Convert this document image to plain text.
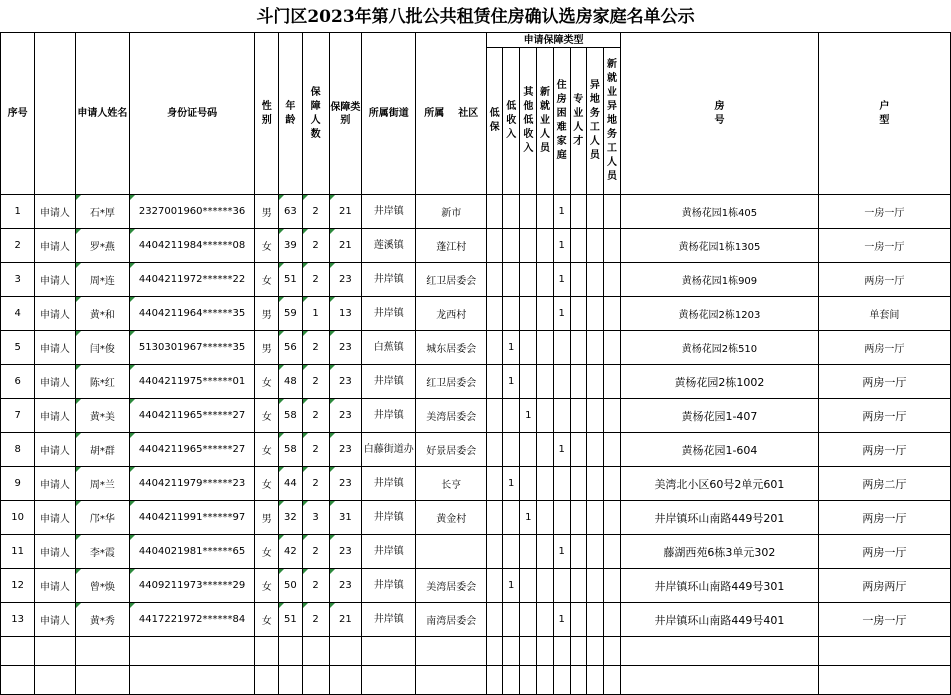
斗门区2023年第八批公共租赁住房确认选房家庭名单公示
序号		申请人姓名	身份证号码	性别	年龄	保障人数	保障类别	所属街道	所属    社区	申请保障类型								房号	户型
										低保	低收入	其他低收入	新就业人员	住房困难家庭	专业人才	异地务工人员	新就业异地务工人员		
1	申请人	石*厚	2327001960******36	男	63	2	21	井岸镇	新市					1				黄杨花园1栋405	一房一厅
2	申请人	罗*燕	4404211984******08	女	39	2	21	莲溪镇	蓬江村					1				黄杨花园1栋1305	一房一厅
3	申请人	周*连	4404211972******22	女	51	2	23	井岸镇	红卫居委会					1				黄杨花园1栋909	两房一厅
4	申请人	黄*和	4404211964******35	男	59	1	13	井岸镇	龙西村					1				黄杨花园2栋1203	单套间
5	申请人	闫*俊	5130301967******35	男	56	2	23	白蕉镇	城东居委会		1							黄杨花园2栋510	两房一厅
6	申请人	陈*红	4404211975******01	女	48	2	23	井岸镇	红卫居委会		1							黄杨花园2栋1002	两房一厅
7	申请人	黄*美	4404211965******27	女	58	2	23	井岸镇	美湾居委会			1						黄杨花园1-407	两房一厅
8	申请人	胡*群	4404211965******27	女	58	2	23	白藤街道办	好景居委会					1				黄杨花园1-604	两房一厅
9	申请人	周*兰	4404211979******23	女	44	2	23	井岸镇	长亨		1							美湾北小区60号2单元601	两房二厅
10	申请人	邝*华	4404211991******97	男	32	3	31	井岸镇	黄金村			1						井岸镇环山南路449号201	两房一厅
11	申请人	李*霞	4404021981******65	女	42	2	23	井岸镇						1				藤湖西苑6栋3单元302	两房一厅
12	申请人	曾*焕	4409211973******29	女	50	2	23	井岸镇	美湾居委会		1							井岸镇环山南路449号301	两房两厅
13	申请人	黄*秀	4417221972******84	女	51	2	21	井岸镇	南湾居委会					1				井岸镇环山南路449号401	一房一厅
